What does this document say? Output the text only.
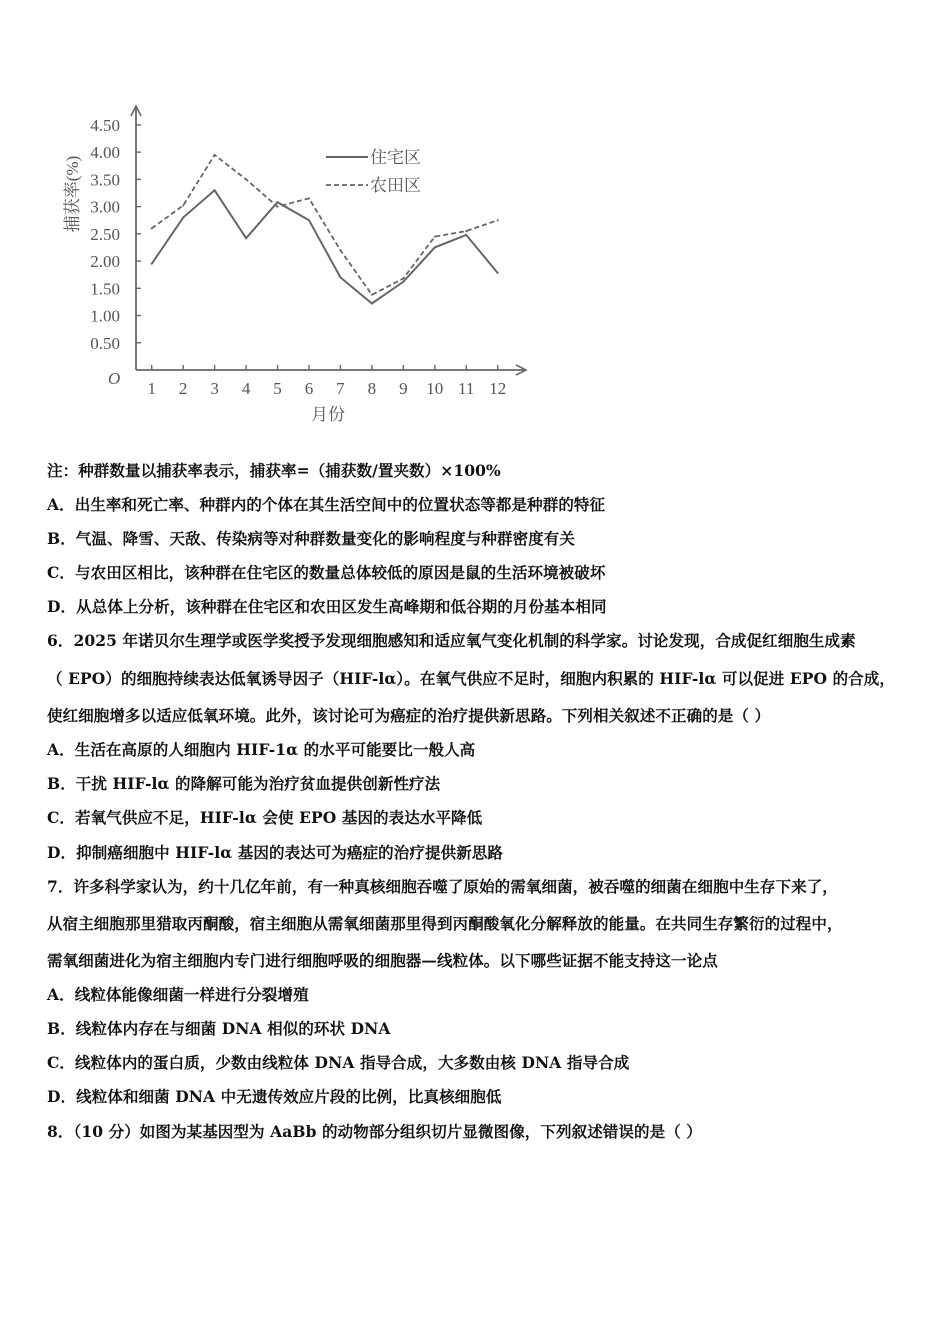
0.50
1.00
1.50
2.00
2.50
3.00
3.50
4.00
4.50
1 2 3 4 5 6 7 8 9 10 11 12
住宅区
农田区
捕获率(%)
月份
O
注：种群数量以捕获率表示，捕获率=（捕获数/置夹数）×100%
A．出生率和死亡率、种群内的个体在其生活空间中的位置状态等都是种群的特征
B．气温、降雪、天敌、传染病等对种群数量变化的影响程度与种群密度有关
C．与农田区相比，该种群在住宅区的数量总体较低的原因是鼠的生活环境被破坏
D．从总体上分析，该种群在住宅区和农田区发生高峰期和低谷期的月份基本相同
6．2025 年诺贝尔生理学或医学奖授予发现细胞感知和适应氧气变化机制的科学家。讨论发现，合成促红细胞生成素
（ EPO）的细胞持续表达低氧诱导因子（HIF-lα）。在氧气供应不足时，细胞内积累的 HIF-lα 可以促进 EPO 的合成，
使红细胞增多以适应低氧环境。此外，该讨论可为癌症的治疗提供新思路。下列相关叙述不正确的是（ ）
A．生活在高原的人细胞内 HIF-1α 的水平可能要比一般人高
B．干扰 HIF-lα 的降解可能为治疗贫血提供创新性疗法
C．若氧气供应不足，HIF-lα 会使 EPO 基因的表达水平降低
D．抑制癌细胞中 HIF-lα 基因的表达可为癌症的治疗提供新思路
7．许多科学家认为，约十几亿年前，有一种真核细胞吞噬了原始的需氧细菌，被吞噬的细菌在细胞中生存下来了，
从宿主细胞那里猎取丙酮酸，宿主细胞从需氧细菌那里得到丙酮酸氧化分解释放的能量。在共同生存繁衍的过程中，
需氧细菌进化为宿主细胞内专门进行细胞呼吸的细胞器—线粒体。以下哪些证据不能支持这一论点
A．线粒体能像细菌一样进行分裂增殖
B．线粒体内存在与细菌 DNA 相似的环状 DNA
C．线粒体内的蛋白质，少数由线粒体 DNA 指导合成，大多数由核 DNA 指导合成
D．线粒体和细菌 DNA 中无遗传效应片段的比例，比真核细胞低
8．（10 分）如图为某基因型为 AaBb 的动物部分组织切片显微图像，下列叙述错误的是（ ）
